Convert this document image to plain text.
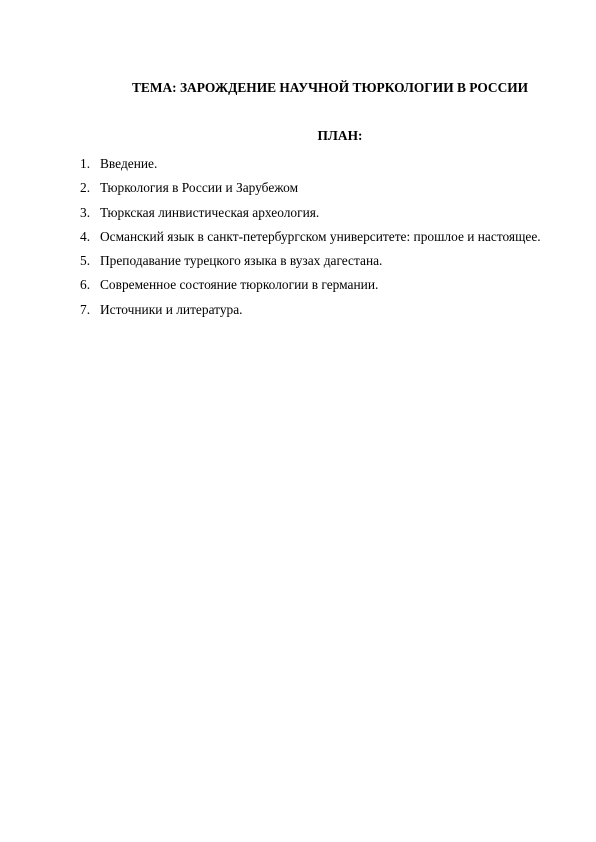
ТЕМА: ЗАРОЖДЕНИЕ НАУЧНОЙ ТЮРКОЛОГИИ В РОССИИ
ПЛАН:
1. Введение.
2. Тюркология в России и Зарубежом
3. Тюркская линвистическая археология.
4. Османский язык в санкт-петербургском университете: прошлое и настоящее.
5. Преподавание турецкого языка в вузах дагестана.
6. Современное состояние тюркологии в германии.
7. Источники и литература.
